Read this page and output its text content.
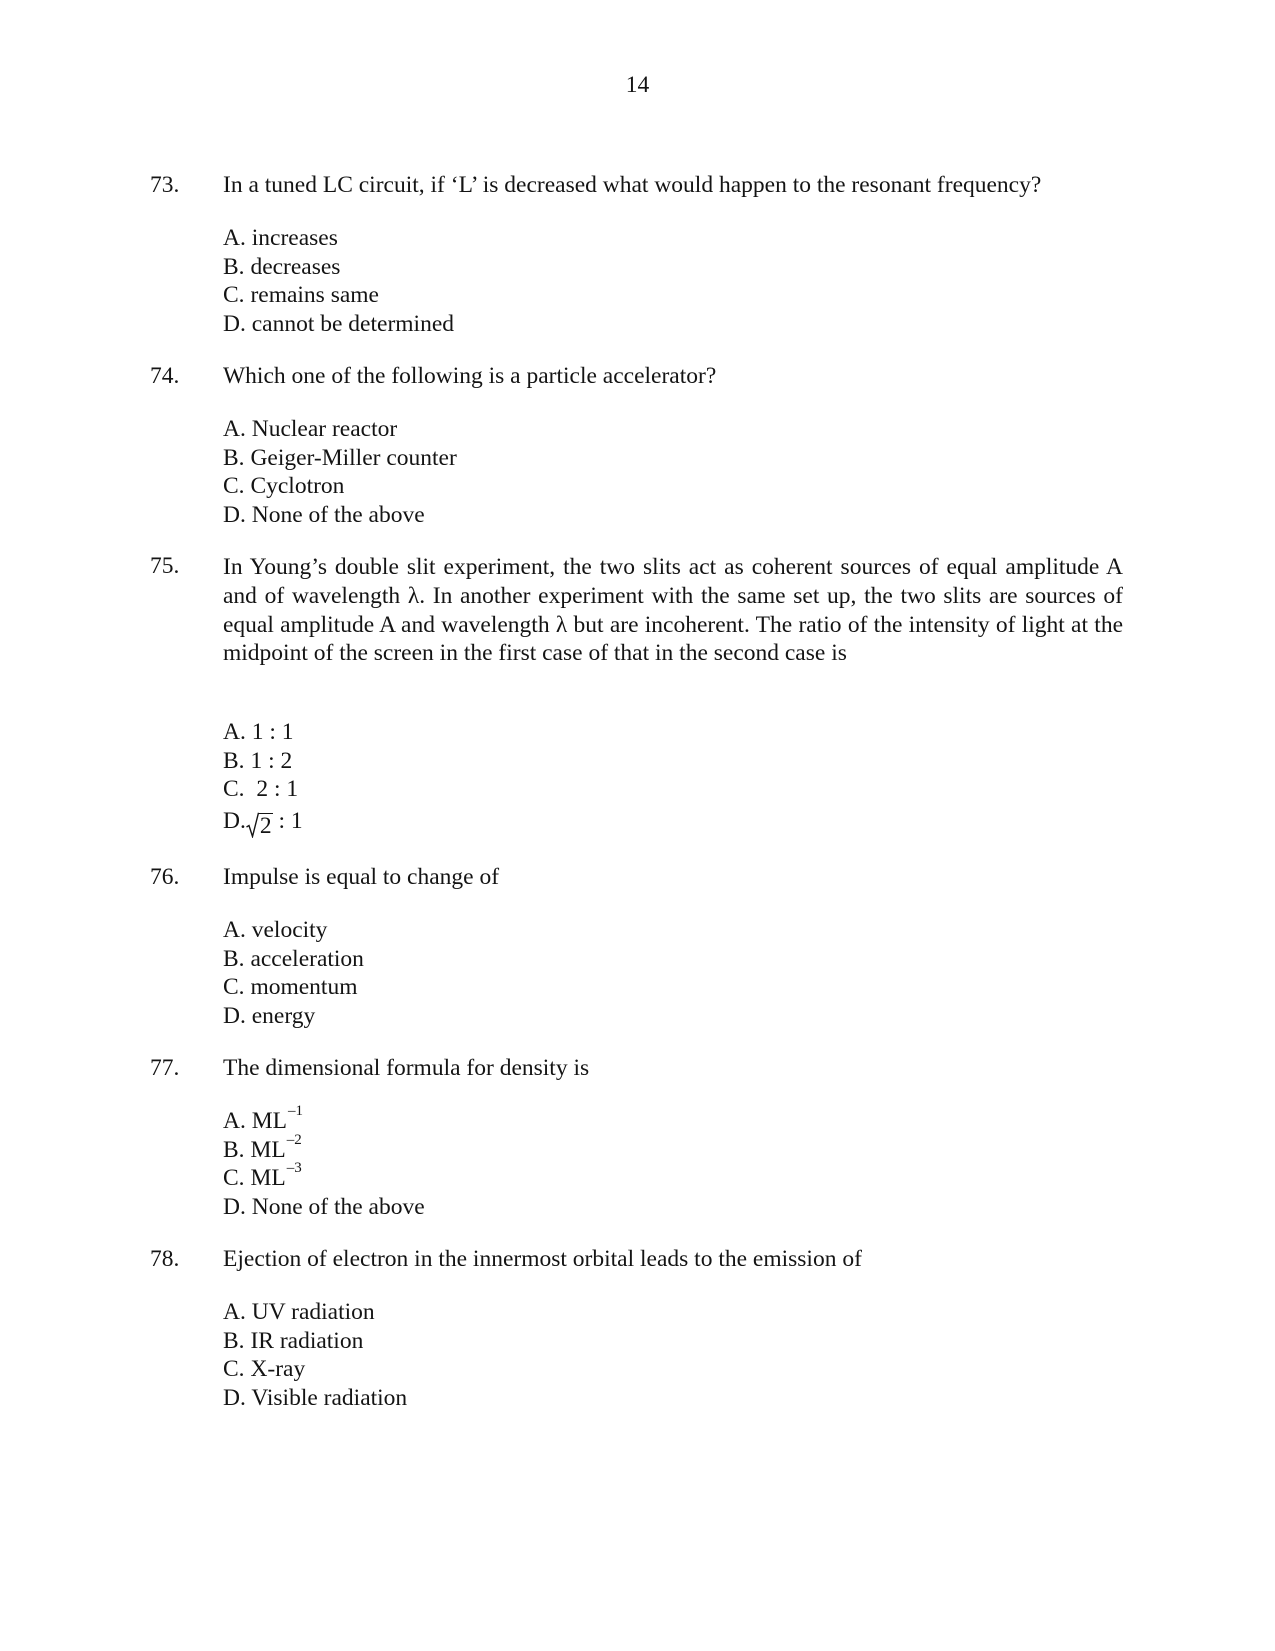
14
73. In a tuned LC circuit, if ‘L’ is decreased what would happen to the resonant frequency?
A. increases
B. decreases
C. remains same
D. cannot be determined
74. Which one of the following is a particle accelerator?
A. Nuclear reactor
B. Geiger-Miller counter
C. Cyclotron
D. None of the above
75. In Young’s double slit experiment, the two slits act as coherent sources of equal amplitude A and of wavelength λ. In another experiment with the same set up, the two slits are sources of equal amplitude A and wavelength λ but are incoherent. The ratio of the intensity of light at the midpoint of the screen in the first case of that in the second case is
A. 1 : 1
B. 1 : 2
C.  2 : 1
D. 2 : 1
76. Impulse is equal to change of
A. velocity
B. acceleration
C. momentum
D. energy
77. The dimensional formula for density is
A. $ML^{-1}$
B. $ML^{-2}$
C. $ML^{-3}$
D. None of the above
78. Ejection of electron in the innermost orbital leads to the emission of
A. UV radiation
B. IR radiation
C. X-ray
D. Visible radiation
